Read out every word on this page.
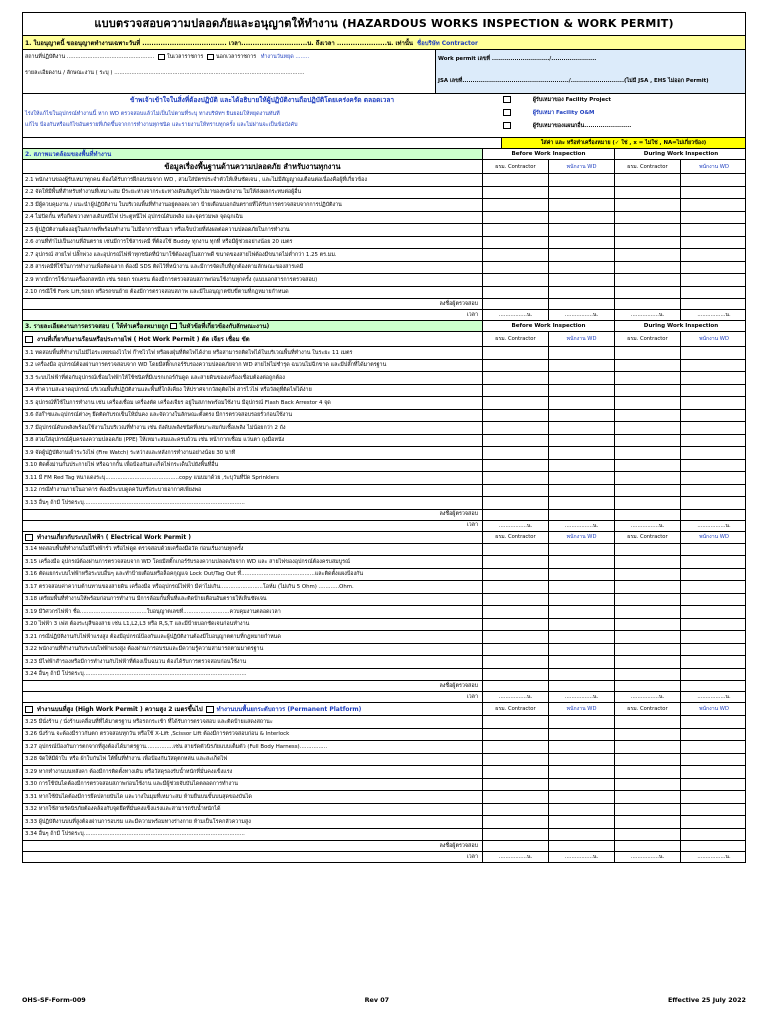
แบบตรวจสอบความปลอดภัยและอนุญาตให้ทำงาน (HAZARDOUS WORKS INSPECTION & WORK PERMIT)
1. ใบอนุญาตนี้ ขออนุญาตทำงานเฉพาะวันที่ ..................................... เวลา.............................น. ถึงเวลา ......................น. เท่านั้น ชื่อบริษัท Contractor
สถานที่ปฏิบัติงาน ................................................... ในเวลาราชการ นอกเวลาราชการ ทำงานวันหยุด ........
รายละเอียดงาน / ลักษณะงาน ( ระบุ ) ...............................................................................................................
Work permit เลขที่ ............................/......................
JSA เลขที่..................................................../..........................(ไม่มี JSA , EHS ไม่ออก Permit)
ข้าพเจ้าเข้าใจในสิ่งที่ต้องปฏิบัติ และได้อธิบายให้ผู้ปฏิบัติงานถือปฏิบัติโดยเคร่งครัด ตลอดเวลา
ไร่งให้แก้ไขในอุปกรณ์ทำงานนี้ หาก WD ตรวจสอบแล้วไม่เป็นไปตามที่ระบุ ทางบริษัทฯ ยินยอมให้หยุดงานทันที
แก้ไข ป้องกันหรือแก้ไขอันตรายที่เกิดขึ้นจากการทำงานทุกชนิด และรายงานให้ทราบทุกครั้ง และไม่ผ่านจะเป็นข้อบังคับ
ผู้รับเหมาของ Facility Project
ผู้รับเหมา Facility O&M
ผู้รับเหมาของแผนกอื่น.......................
ใส่ค่า และ หรือทำเครื่องหมาย (✓ ใช่ , x = ไม่ใช่ , NA=ไม่เกี่ยวข้อง)
2. สภาพแวดล้อมของพื้นที่ทำงาน	Before Work Inspection	During Work Inspection
ข้อมูลเรื่องพื้นฐานด้านความปลอดภัย สำหรับงานทุกงาน	ผรม. Contractor	พนักงาน WD	ผรม. Contractor	พนักงาน WD
2.1 พนักงานของผู้รับเหมาทุกคน ต้องได้รับการฝึกอบรมจาก WD , สวมใส่บัตรประจำตัวให้เห็นชัดเจน , และไม่มีสัญญาณเตือนต่อเนื่องคือผู้ที่เกี่ยวข้อง
2.2 จัดให้มีพื้นที่สำหรับทำงานที่เหมาะสม มีระยะห่างจากระยะทางเดินสัญจรไปมาของพนักงาน ไม่ให้ส่งผลกระทบต่อผู้อื่น
2.3 มีผู้ควบคุมงาน / แนะนำผู้ปฏิบัติงาน ในบริเวณพื้นที่ทำงานอยู่ตลอดเวลา ป้ายเตือนบอกอันตรายที่ได้รับการตรวจสอบจากการปฏิบัติงาน
2.4 ไม่ปิดกั้น หรือกีดขวางทางเดินหนีไฟ ประตูหนีไฟ อุปกรณ์ดับเพลิง และจุดรวมพล จุดฉุกเฉิน
2.5 ผู้ปฏิบัติงานต้องอยู่ในสภาพที่พร้อมทำงาน ไม่มีอาการมึนเมา หรือเจ็บป่วยที่ส่งผลต่อความปลอดภัยในการทำงาน
2.6 งานที่ทำไม่เป็นงานที่อันตราย เช่นมีการใช้สารเคมี ที่ต้องใช้ Buddy ทุกงาน ทุกที่ หรือมีผู้ช่วยอย่างน้อย 20 เมตร
2.7 อุปกรณ์ สายไฟ ปลั๊กพ่วง และอุปกรณ์ไฟฟ้าทุกชนิดที่นำมาใช้ต้องอยู่ในสภาพดี ขนาดของสายไฟต้องมีขนาดไม่ต่ำกว่า 1.25 ตร.มม.
2.8 สารเคมีที่ใช้ในการทำงานเพื่อติดฉลาก ต้องมี SDS ติดไว้ที่หน้างาน และมีการจัดเก็บที่ถูกต้องตามลักษณะของสารเคมี
2.9 หากมีการใช้งานเครื่องกลหนัก เช่น รถยก รถเครน ต้องมีการตรวจสอบสภาพก่อนใช้งานทุกครั้ง (แนบเอกสารการตรวจสอบ)
2.10 กรณีใช้ Fork Lift,รถยก หรือรถขนย้าย ต้องมีการตรวจสอบสภาพ และมีใบอนุญาตขับขี่ตามที่กฎหมายกำหนด
ลงชื่อผู้ตรวจสอบ
เวลา	.................น.	.................น.	.................น.	.................น.
3. รายละเอียดงานการตรวจสอบ ( ให้ทำเครื่องหมายถูก ในหัวข้อที่เกี่ยวข้องกับลักษณะงาน)	Before Work Inspection	During Work Inspection
งานที่เกี่ยวกับงานร้อนหรือประกายไฟ ( Hot Work Permit ) ตัด เจียร เชื่อม ขัด	ผรม. Contractor	พนักงาน WD	ผรม. Contractor	พนักงาน WD
3.1 ทดสอบพื้นที่ทำงานไม่มีไอระเหยของไวไฟ ก๊าซไวไฟ หรือผงฝุ่นที่ติดไฟได้ง่าย หรือสามารถติดไฟได้ในบริเวณพื้นที่ทำงาน ในระยะ 11 เมตร
3.2 เครื่องมือ อุปกรณ์ต้องผ่านการตรวจสอบจาก WD โดยมีสติ๊กเกอร์รับรองความปลอดภัยจาก WD สายไฟไม่ชำรุด ฉนวนไม่ฉีกขาด และมีปลั๊กที่ได้มาตรฐาน
3.3 ระบบไฟฟ้าที่ต่อกับอุปกรณ์เชื่อมไฟฟ้าให้ใช้ชนิดที่มีเบรกเกอร์กันดูด และสายดินของเครื่องเชื่อมต้องต่อถูกต้อง
3.4 ทำความสะอาดอุปกรณ์ บริเวณพื้นที่ปฏิบัติงานและพื้นที่ใกล้เคียง ให้ปราศจากวัสดุติดไฟ สารไวไฟ หรือวัสดุที่ติดไฟได้ง่าย
3.5 อุปกรณ์ที่ใช้ในการทำงาน เช่น เครื่องเชื่อม เครื่องตัด เครื่องเจียร อยู่ในสภาพพร้อมใช้งาน มีอุปกรณ์ Flash Back Arrestor 4 จุด
3.6 ถังก๊าซและอุปกรณ์ต่างๆ ยึดติดกับรถเข็นให้มั่นคง และจัดวางในลักษณะตั้งตรง มีการตรวจสอบรอยรั่วก่อนใช้งาน
3.7 มีอุปกรณ์ดับเพลิงพร้อมใช้งานในบริเวณที่ทำงาน เช่น ถังดับเพลิงชนิดที่เหมาะสมกับเชื้อเพลิง ไม่น้อยกว่า 2 ถัง
3.8 สวมใส่อุปกรณ์คุ้มครองความปลอดภัย (PPE) ให้เหมาะสมและครบถ้วน เช่น หน้ากากเชื่อม แว่นตา ถุงมือหนัง
3.9 จัดผู้ปฏิบัติงานเฝ้าระวังไฟ (Fire Watch) ระหว่างและหลังการทำงานอย่างน้อย 30 นาที
3.10 ติดตั้งม่านกั้นประกายไฟ หรือฉากกั้น เพื่อป้องกันสะเก็ดไฟกระเด็นไปยังพื้นที่อื่น
3.11 มี FM Red Tag หนาแดงระบุ...........................................copy แนบมาด้วย ,ระบุวันที่ปิด Sprinklers
3.12 กรณีทำงานภายในอาคาร ต้องมีระบบดูดควันหรือระบายอากาศเพียงพอ
3.13 อื่นๆ ถ้ามี โปรดระบุ..............................................................................................
ลงชื่อผู้ตรวจสอบ
เวลา	.................น.	.................น.	.................น.	.................น.
ทำงานเกี่ยวกับระบบไฟฟ้า ( Electrical Work Permit )	ผรม. Contractor	พนักงาน WD	ผรม. Contractor	พนักงาน WD
3.14 ทดสอบพื้นที่ทำงานไม่มีไฟฟ้ารั่ว หรือไฟดูด ตรวจสอบด้วยเครื่องมือวัด ก่อนเริ่มงานทุกครั้ง
3.15 เครื่องมือ อุปกรณ์ต้องผ่านการตรวจสอบจาก WD โดยมีสติ๊กเกอร์รับรองความปลอดภัยจาก WD และ สายไฟของอุปกรณ์ต้องครบสมบูรณ์
3.16 ตัดแยกระบบไฟฟ้าหรือระบบอื่นๆ และทำป้ายเตือนหรือล็อคกุญแจ Lock Out/Tag Out ที่...........................................และติดตั้งแผงป้องกัน
3.17 ตรวจสอบค่าความต้านทานของสายดิน เครื่องมือ หรืออุปกรณ์ไฟฟ้า มีค่าไม่เกิน.........................โอห์ม (ไม่เกิน 5 Ohm) ............Ohm.
3.18 เตรียมพื้นที่ทำงานให้พร้อมก่อนการทำงาน มีการล้อมกั้นพื้นที่และติดป้ายเตือนอันตรายให้เห็นชัดเจน
3.19 มีวิศวกรไฟฟ้า ชื่อ.......................................ใบอนุญาตเลขที่...........................ควบคุมงานตลอดเวลา
3.20 ไฟฟ้า 3 เฟส ต้องระบุสีของสาย เช่น L1,L2,L3 หรือ R,S,T และมีป้ายบอกชัดเจนก่อนทำงาน
3.21 กรณีปฏิบัติงานกับไฟฟ้าแรงสูง ต้องมีอุปกรณ์ป้องกันและผู้ปฏิบัติงานต้องมีใบอนุญาตตามที่กฎหมายกำหนด
3.22 พนักงานที่ทำงานกับระบบไฟฟ้าแรงสูง ต้องผ่านการอบรมและมีความรู้ความสามารถตามมาตรฐาน
3.23 มีไฟฟ้าสำรองหรือมีการทำงานกับไฟฟ้าที่ต้องเป็นฉนวน ต้องได้รับการตรวจสอบก่อนใช้งาน
3.24 อื่นๆ ถ้ามี โปรดระบุ...............................................................................................
ลงชื่อผู้ตรวจสอบ
เวลา	.................น.	.................น.	.................น.	.................น.
ทำงานบนที่สูง (High Work Permit ) ความสูง 2 เมตรขึ้นไป ทำงานบนพื้นยกระดับถาวร (Permanent Platform)	ผรม. Contractor	พนักงาน WD	ผรม. Contractor	พนักงาน WD
3.25 มีนั่งร้าน / นั่งร้านเคลื่อนที่ที่ได้มาตรฐาน หรือรถกระเช้า ที่ได้รับการตรวจสอบ และติดป้ายแสดงสถานะ
3.26 นั่งร้าน จะต้องมีราวกันตก ตรวจสอบทุกวัน หรือใช้ X-Lift ,Scissor Lift ต้องมีการตรวจสอบก่อน & Interlock
3.27 อุปกรณ์ป้องกันการตกจากที่สูงต้องได้มาตรฐาน................เช่น สายรัดตัวนิรภัยแบบเต็มตัว (Full Body Harness)................
3.28 จัดให้มีผ้าใบ หรือ ผ้าใบกันไฟ ใต้พื้นที่ทำงาน เพื่อป้องกันวัสดุตกหล่น และสะเก็ดไฟ
3.29 หากทำงานบนหลังคา ต้องมีการติดตั้งทางเดิน หรือวัสดุรองรับน้ำหนักที่มั่นคงแข็งแรง
3.30 การใช้บันไดต้องมีการตรวจสอบสภาพก่อนใช้งาน และมีผู้ช่วยจับบันไดตลอดการทำงาน
3.31 หากใช้บันไดต้องมีการยึดปลายบันได และวางในมุมที่เหมาะสม ห้ามยืนบนขั้นบนสุดของบันได
3.32 หากใช้สายรัดนิรภัยต้องคล้องกับจุดยึดที่มั่นคงแข็งแรงและสามารถรับน้ำหนักได้
3.33 ผู้ปฏิบัติงานบนที่สูงต้องผ่านการอบรม และมีความพร้อมทางร่างกาย ห้ามเป็นโรคกลัวความสูง
3.34 อื่นๆ ถ้ามี โปรดระบุ..............................................................................................
ลงชื่อผู้ตรวจสอบ
เวลา	.................น.	.................น.	.................น.	.................น.
OHS-SF-Form-009	Rev 07	Effective 25 July 2022
